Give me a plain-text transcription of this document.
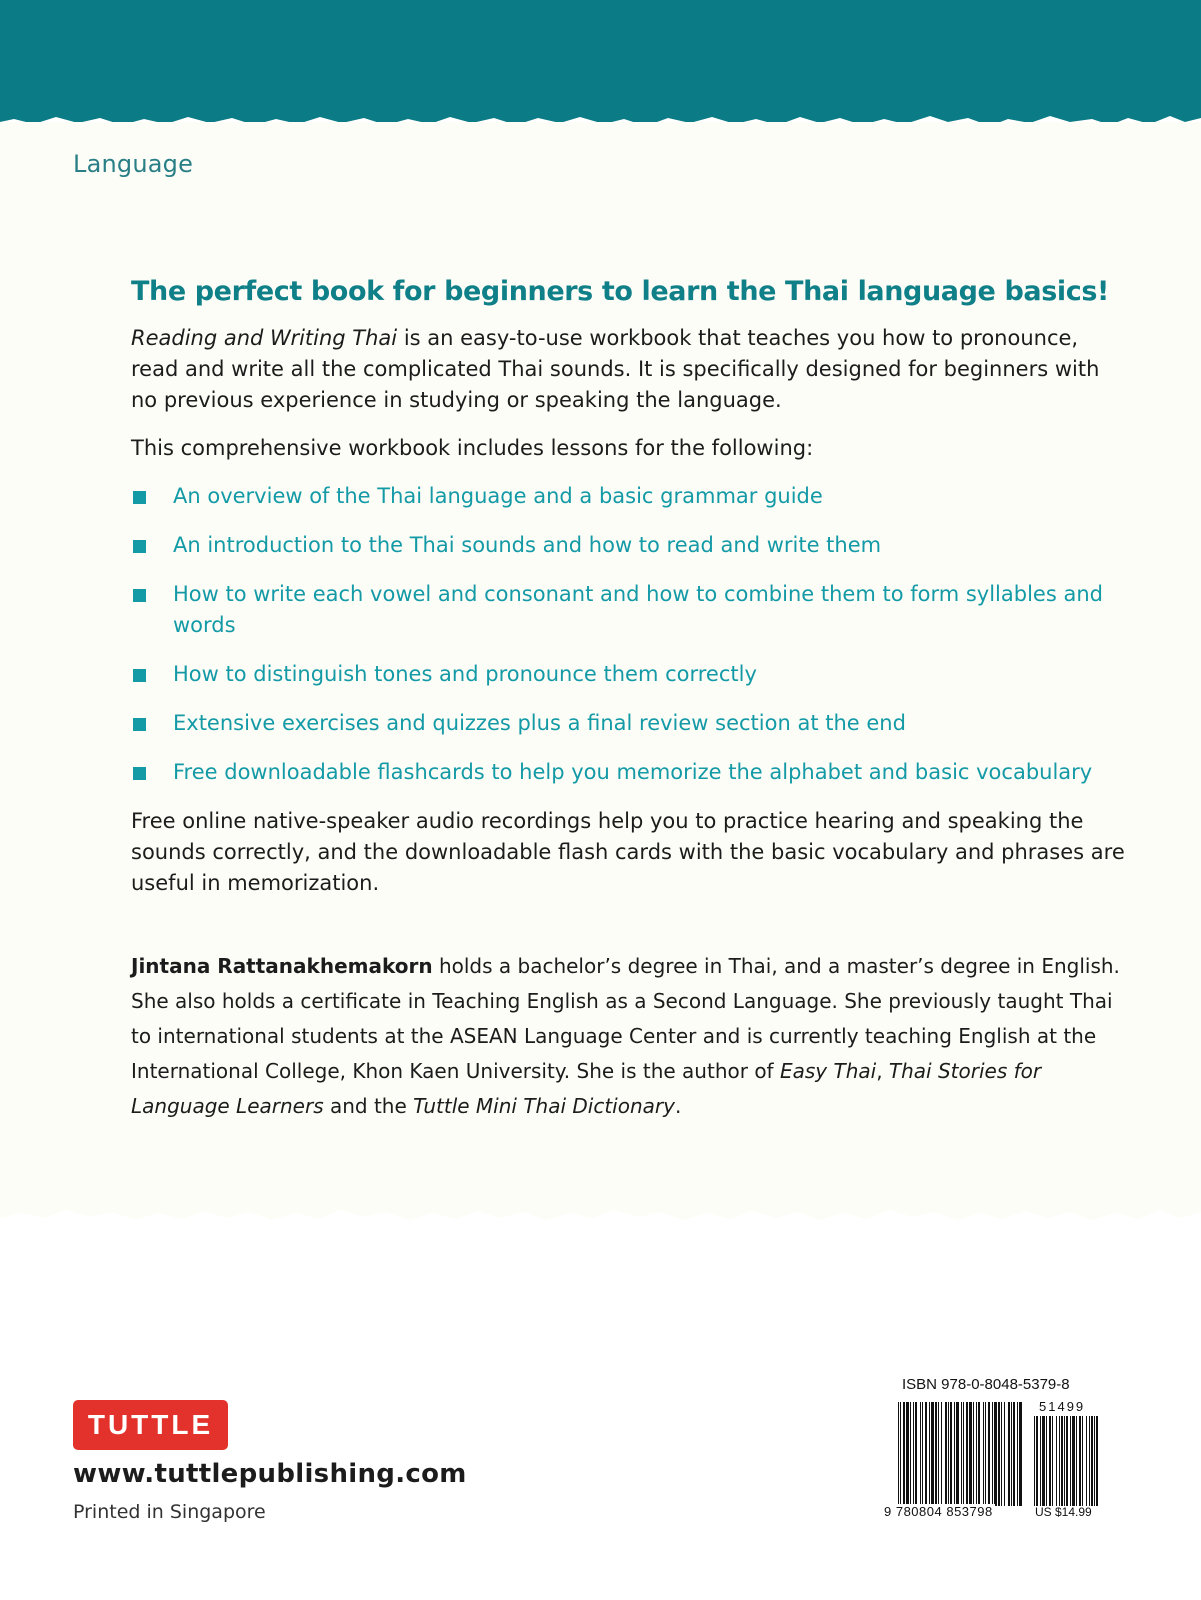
Language
The perfect book for beginners to learn the Thai language basics!

Reading and Writing Thai is an easy-to-use workbook that teaches you how to pronounce, read and write all the complicated Thai sounds. It is specifically designed for beginners with no previous experience in studying or speaking the language.

This comprehensive workbook includes lessons for the following:

An overview of the Thai language and a basic grammar guide
An introduction to the Thai sounds and how to read and write them
How to write each vowel and consonant and how to combine them to form syllables and words
How to distinguish tones and pronounce them correctly
Extensive exercises and quizzes plus a final review section at the end
Free downloadable flashcards to help you memorize the alphabet and basic vocabulary

Free online native-speaker audio recordings help you to practice hearing and speaking the sounds correctly, and the downloadable flash cards with the basic vocabulary and phrases are useful in memorization.

Jintana Rattanakhemakorn holds a bachelor’s degree in Thai, and a master’s degree in English. She also holds a certificate in Teaching English as a Second Language. She previously taught Thai to international students at the ASEAN Language Center and is currently teaching English at the International College, Khon Kaen University. She is the author of Easy Thai, Thai Stories for Language Learners and the Tuttle Mini Thai Dictionary.

TUTTLE
www.tuttlepublishing.com
Printed in Singapore
ISBN 978-0-8048-5379-8
51499
9 780804 853798	US $14.99
